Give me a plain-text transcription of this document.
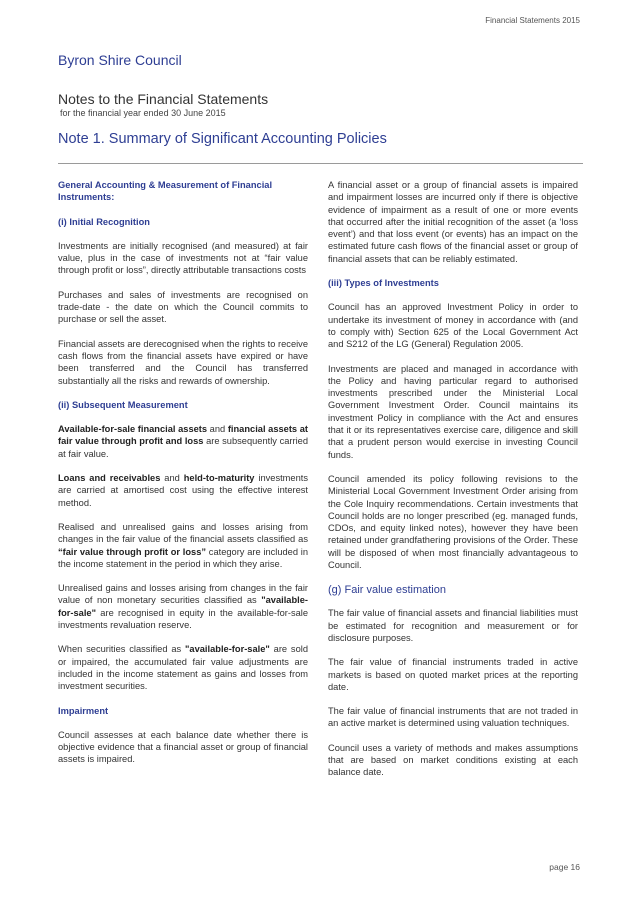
Financial Statements 2015
Byron Shire Council
Notes to the Financial Statements
for the financial year ended 30 June 2015
Note 1. Summary of Significant Accounting Policies
General Accounting & Measurement of Financial Instruments:
(i) Initial Recognition

Investments are initially recognised (and measured) at fair value, plus in the case of investments not at “fair value through profit or loss”, directly attributable transactions costs

Purchases and sales of investments are recognised on trade-date - the date on which the Council commits to purchase or sell the asset.

Financial assets are derecognised when the rights to receive cash flows from the financial assets have expired or have been transferred and the Council has transferred substantially all the risks and rewards of ownership.

(ii) Subsequent Measurement

Available-for-sale financial assets and financial assets at fair value through profit and loss are subsequently carried at fair value.

Loans and receivables and held-to-maturity investments are carried at amortised cost using the effective interest method.

Realised and unrealised gains and losses arising from changes in the fair value of the financial assets classified as “fair value through profit or loss” category are included in the income statement in the period in which they arise.

Unrealised gains and losses arising from changes in the fair value of non monetary securities classified as "available-for-sale" are recognised in equity in the available-for-sale investments revaluation reserve.

When securities classified as "available-for-sale" are sold or impaired, the accumulated fair value adjustments are included in the income statement as gains and losses from investment securities.

Impairment

Council assesses at each balance date whether there is objective evidence that a financial asset or group of financial assets is impaired.

A financial asset or a group of financial assets is impaired and impairment losses are incurred only if there is objective evidence of impairment as a result of one or more events that occurred after the initial recognition of the asset (a ‘loss event’) and that loss event (or events) has an impact on the estimated future cash flows of the financial asset or group of financial assets that can be reliably estimated.

(iii) Types of Investments

Council has an approved Investment Policy in order to undertake its investment of money in accordance with (and to comply with) Section 625 of the Local Government Act and S212 of the LG (General) Regulation 2005.

Investments are placed and managed in accordance with the Policy and having particular regard to authorised investments prescribed under the Ministerial Local Government Investment Order. Council maintains its investment Policy in compliance with the Act and ensures that it or its representatives exercise care, diligence and skill that a prudent person would exercise in investing Council funds.

Council amended its policy following revisions to the Ministerial Local Government Investment Order arising from the Cole Inquiry recommendations. Certain investments that Council holds are no longer prescribed (eg. managed funds, CDOs, and equity linked notes), however they have been retained under grandfathering provisions of the Order. These will be disposed of when most financially advantageous to Council.

(g) Fair value estimation

The fair value of financial assets and financial liabilities must be estimated for recognition and measurement or for disclosure purposes.

The fair value of financial instruments traded in active markets is based on quoted market prices at the reporting date.

The fair value of financial instruments that are not traded in an active market is determined using valuation techniques.

Council uses a variety of methods and makes assumptions that are based on market conditions existing at each balance date.

page 16
